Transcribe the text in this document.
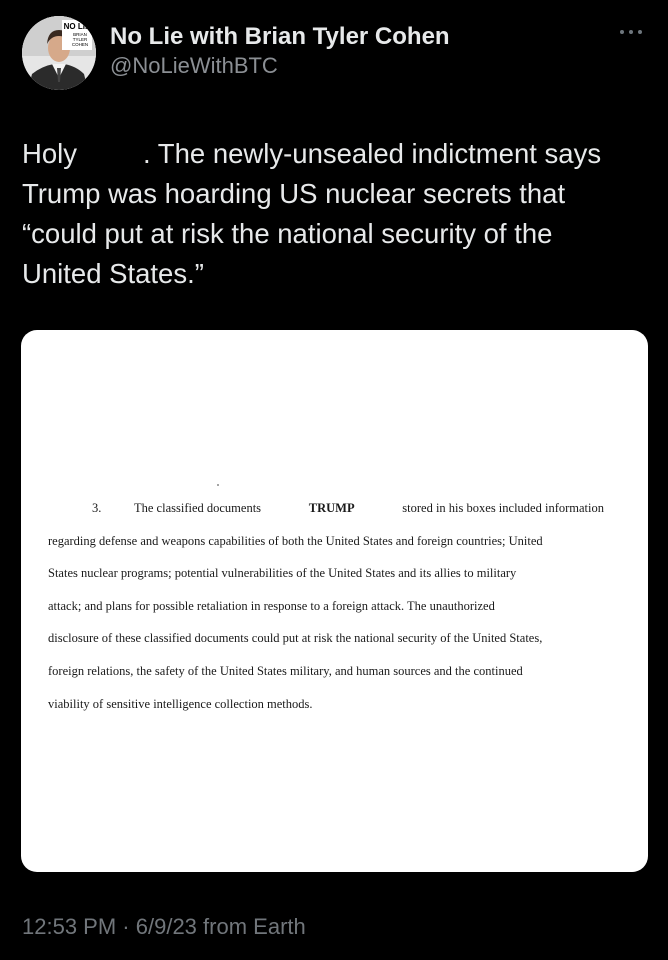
NO LIE
BRIAN
TYLER
COHEN No Lie with Brian Tyler Cohen
@NoLieWithBTC
Holy . The newly-unsealed indictment says
Trump was hoarding US nuclear secrets that
“could put at risk the national security of the
United States.”
3.	The classified documents	TRUMP	stored in his boxes included information
regarding defense and weapons capabilities of both the United States and foreign countries; United
States nuclear programs; potential vulnerabilities of the United States and its allies to military
attack; and plans for possible retaliation in response to a foreign attack. The unauthorized
disclosure of these classified documents could put at risk the national security of the United States,
foreign relations, the safety of the United States military, and human sources and the continued
viability of sensitive intelligence collection methods.
12:53 PM · 6/9/23 from Earth
